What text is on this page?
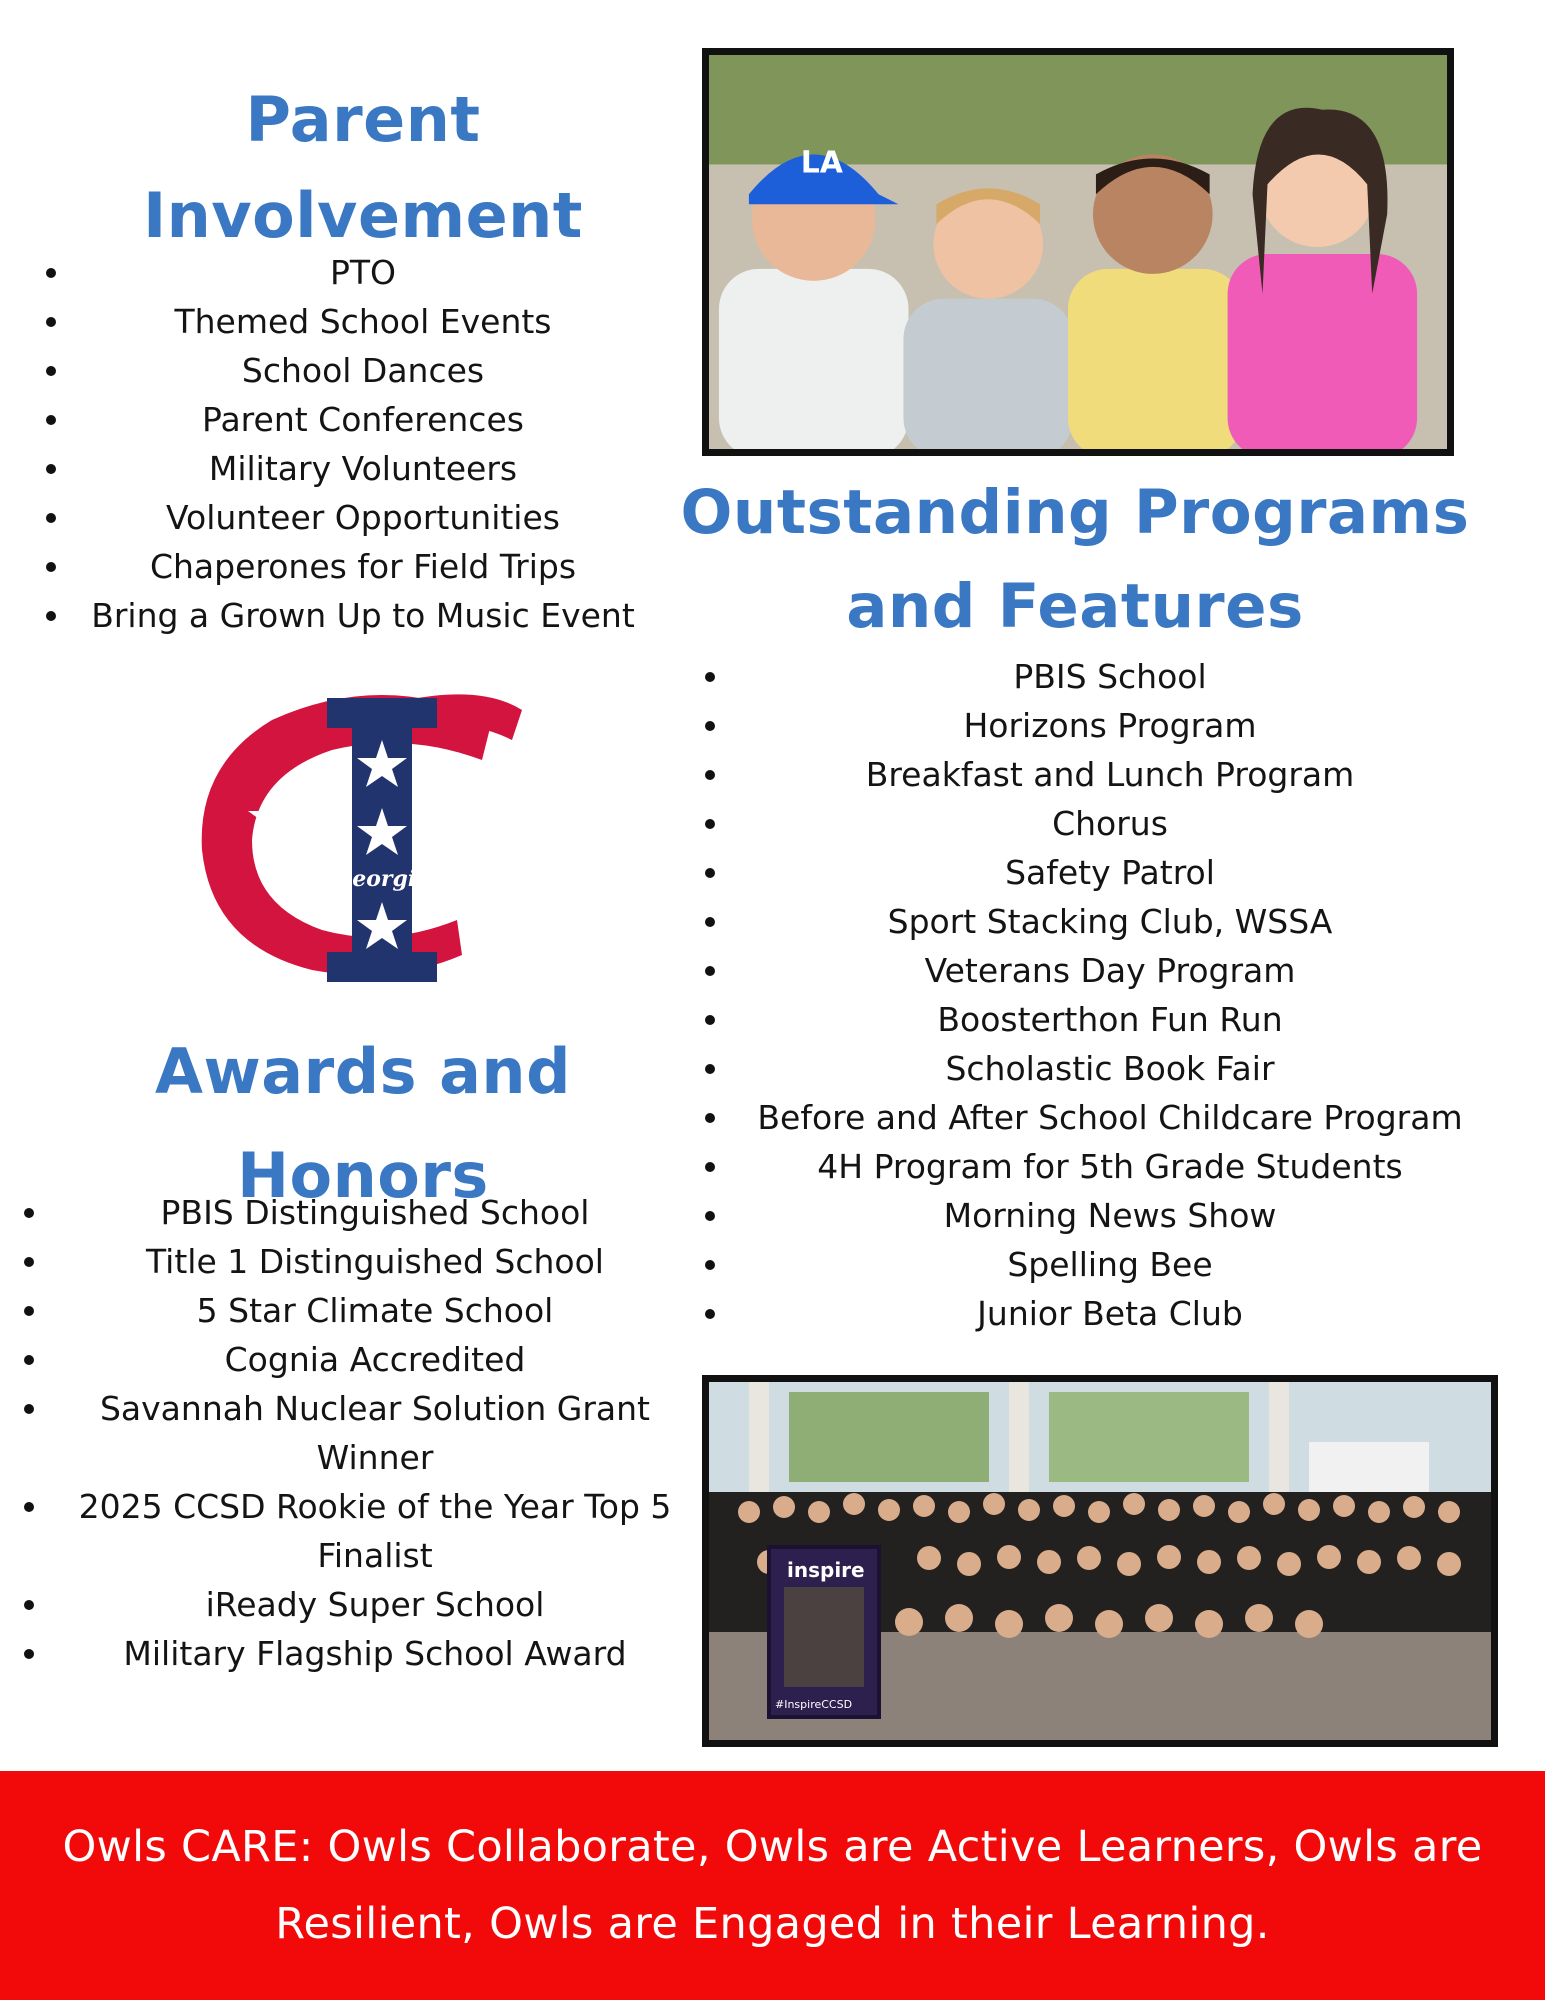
Parent
Involvement
PTO
Themed School Events
School Dances
Parent Conferences
Military Volunteers
Volunteer Opportunities
Chaperones for Field Trips
Bring a Grown Up to Music Event
LA
Outstanding Programs
and Features
PBIS School
Horizons Program
Breakfast and Lunch Program
Chorus
Safety Patrol
Sport Stacking Club, WSSA
Veterans Day Program
Boosterthon Fun Run
Scholastic Book Fair
Before and After School Childcare Program
4H Program for 5th Grade Students
Morning News Show
Spelling Bee
Junior Beta Club
Georgia
Awards and
Honors
PBIS Distinguished School
Title 1 Distinguished School
5 Star Climate School
Cognia Accredited
Savannah Nuclear Solution Grant Winner
2025 CCSD Rookie of the Year Top 5 Finalist
iReady Super School
Military Flagship School Award
inspire
#InspireCCSD

Owls CARE: Owls Collaborate, Owls are Active Learners, Owls are Resilient, Owls are Engaged in their Learning.
